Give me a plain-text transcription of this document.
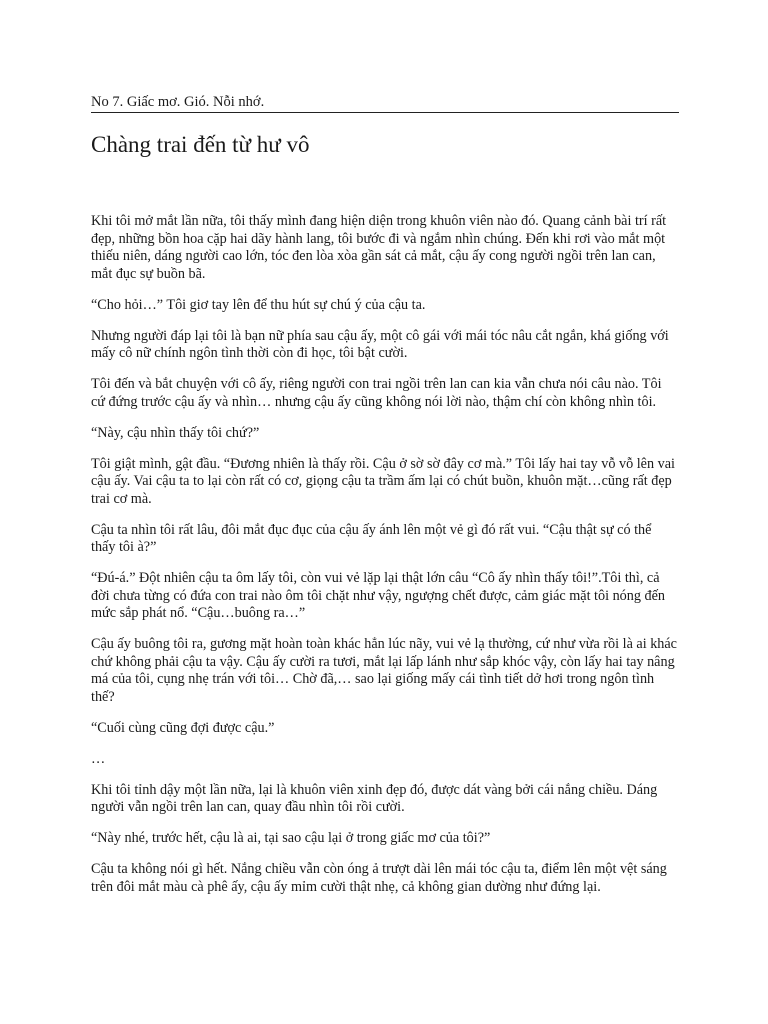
No 7. Giấc mơ. Gió. Nỗi nhớ.
Chàng trai đến từ hư vô

Khi tôi mở mắt lần nữa, tôi thấy mình đang hiện diện trong khuôn viên nào đó. Quang cảnh bài trí rất đẹp, những bồn hoa cặp hai dãy hành lang, tôi bước đi và ngắm nhìn chúng. Đến khi rơi vào mắt một thiếu niên, dáng người cao lớn, tóc đen lòa xòa gần sát cả mắt, cậu ấy cong người ngồi trên lan can, mắt đục sự buồn bã.

“Cho hỏi…” Tôi giơ tay lên để thu hút sự chú ý của cậu ta.

Nhưng người đáp lại tôi là bạn nữ phía sau cậu ấy, một cô gái với mái tóc nâu cắt ngắn, khá giống với mấy cô nữ chính ngôn tình thời còn đi học, tôi bật cười.

Tôi đến và bắt chuyện với cô ấy, riêng người con trai ngồi trên lan can kia vẫn chưa nói câu nào. Tôi cứ đứng trước cậu ấy và nhìn… nhưng cậu ấy cũng không nói lời nào, thậm chí còn không nhìn tôi.

“Này, cậu nhìn thấy tôi chứ?”

Tôi giật mình, gật đầu. “Đương nhiên là thấy rồi. Cậu ở sờ sờ đây cơ mà.” Tôi lấy hai tay vỗ vỗ lên vai cậu ấy. Vai cậu ta to lại còn rất có cơ, giọng cậu ta trầm ấm lại có chút buồn, khuôn mặt…cũng rất đẹp trai cơ mà.

Cậu ta nhìn tôi rất lâu, đôi mắt đục đục của cậu ấy ánh lên một vẻ gì đó rất vui. “Cậu thật sự có thể thấy tôi à?”

“Đú-á.” Đột nhiên cậu ta ôm lấy tôi, còn vui vẻ lặp lại thật lớn câu “Cô ấy nhìn thấy tôi!”.Tôi thì, cả đời chưa từng có đứa con trai nào ôm tôi chặt như vậy, ngượng chết được, cảm giác mặt tôi nóng đến mức sắp phát nổ. “Cậu…buông ra…”

Cậu ấy buông tôi ra, gương mặt hoàn toàn khác hẳn lúc nãy, vui vẻ lạ thường, cứ như vừa rồi là ai khác chứ không phải cậu ta vậy. Cậu ấy cười ra tươi, mắt lại lấp lánh như sắp khóc vậy, còn lấy hai tay nâng má của tôi, cụng nhẹ trán với tôi… Chờ đã,… sao lại giống mấy cái tình tiết dở hơi trong ngôn tình thế?

“Cuối cùng cũng đợi được cậu.”

…

Khi tôi tỉnh dậy một lần nữa, lại là khuôn viên xinh đẹp đó, được dát vàng bởi cái nắng chiều. Dáng người vẫn ngồi trên lan can, quay đầu nhìn tôi rồi cười.

“Này nhé, trước hết, cậu là ai, tại sao cậu lại ở trong giấc mơ của tôi?”

Cậu ta không nói gì hết. Nắng chiều vẫn còn óng ả trượt dài lên mái tóc cậu ta, điểm lên một vệt sáng trên đôi mắt màu cà phê ấy, cậu ấy mỉm cười thật nhẹ, cả không gian dường như đứng lại.
